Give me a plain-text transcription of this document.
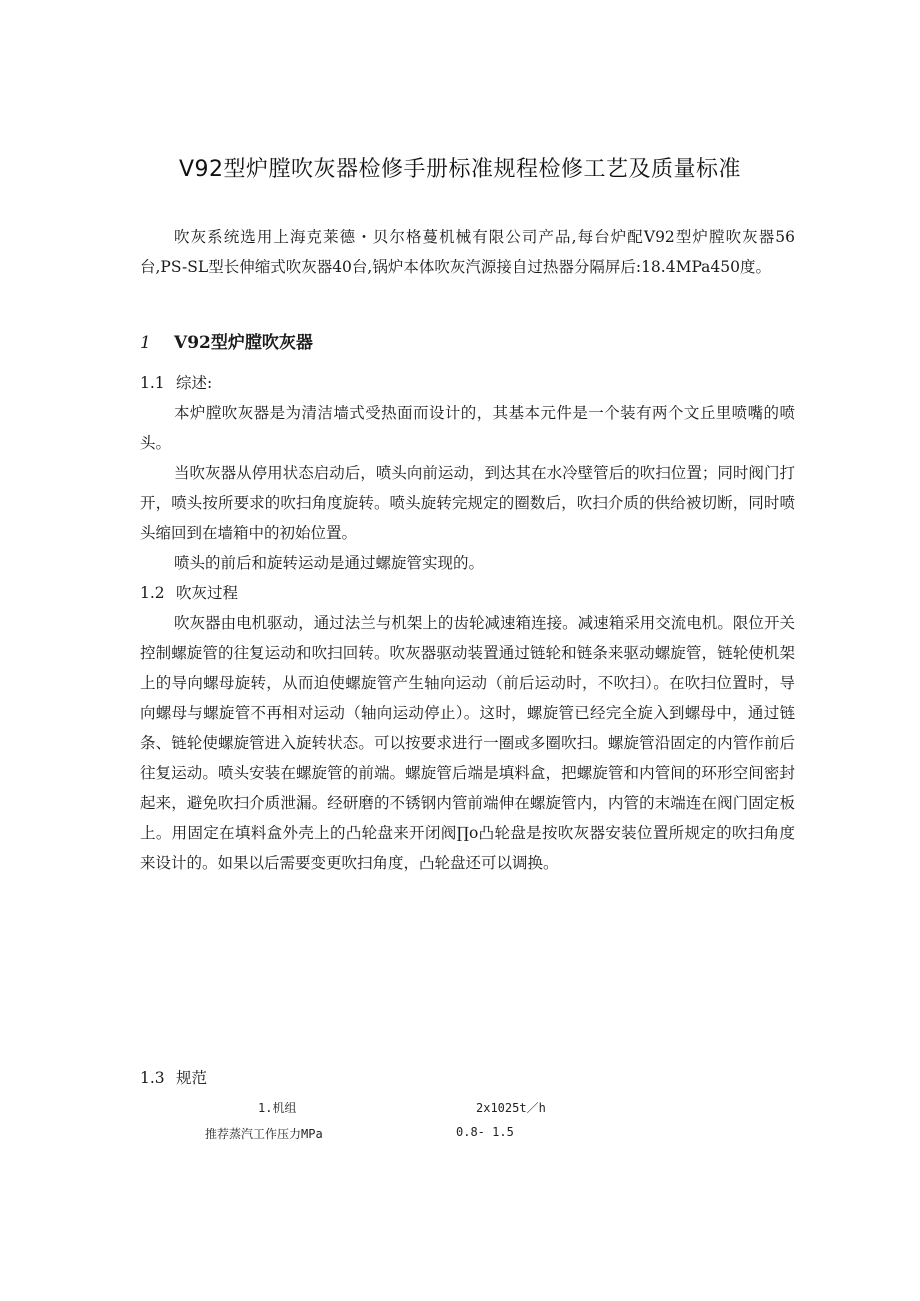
V92型炉膛吹灰器检修手册标准规程检修工艺及质量标准

吹灰系统选用上海克莱德・贝尔格蔓机械有限公司产品,每台炉配V92型炉膛吹灰器56台,PS-SL型长伸缩式吹灰器40台,锅炉本体吹灰汽源接自过热器分隔屏后:18.4MPa450度。

1 V92型炉膛吹灰器
1.1 综述:

本炉膛吹灰器是为清洁墙式受热面而设计的，其基本元件是一个装有两个文丘里喷嘴的喷头。

当吹灰器从停用状态启动后，喷头向前运动，到达其在水冷壁管后的吹扫位置；同时阀门打开，喷头按所要求的吹扫角度旋转。喷头旋转完规定的圈数后，吹扫介质的供给被切断，同时喷头缩回到在墙箱中的初始位置。

喷头的前后和旋转运动是通过螺旋管实现的。

1.2 吹灰过程

吹灰器由电机驱动，通过法兰与机架上的齿轮减速箱连接。减速箱采用交流电机。限位开关控制螺旋管的往复运动和吹扫回转。吹灰器驱动装置通过链轮和链条来驱动螺旋管，链轮使机架上的导向螺母旋转，从而迫使螺旋管产生轴向运动（前后运动时，不吹扫）。在吹扫位置时，导向螺母与螺旋管不再相对运动（轴向运动停止）。这时，螺旋管已经完全旋入到螺母中，通过链条、链轮使螺旋管进入旋转状态。可以按要求进行一圈或多圈吹扫。螺旋管沿固定的内管作前后往复运动。喷头安装在螺旋管的前端。螺旋管后端是填料盒，把螺旋管和内管间的环形空间密封起来，避免吹扫介质泄漏。经研磨的不锈钢内管前端伸在螺旋管内，内管的末端连在阀门固定板上。用固定在填料盒外壳上的凸轮盘来开闭阀∏o凸轮盘是按吹灰器安装位置所规定的吹扫角度来设计的。如果以后需要变更吹扫角度，凸轮盘还可以调换。

1.3 规范
1.机组	2x1025t／h
推荐蒸汽工作压力MPa	0.8- 1.5
